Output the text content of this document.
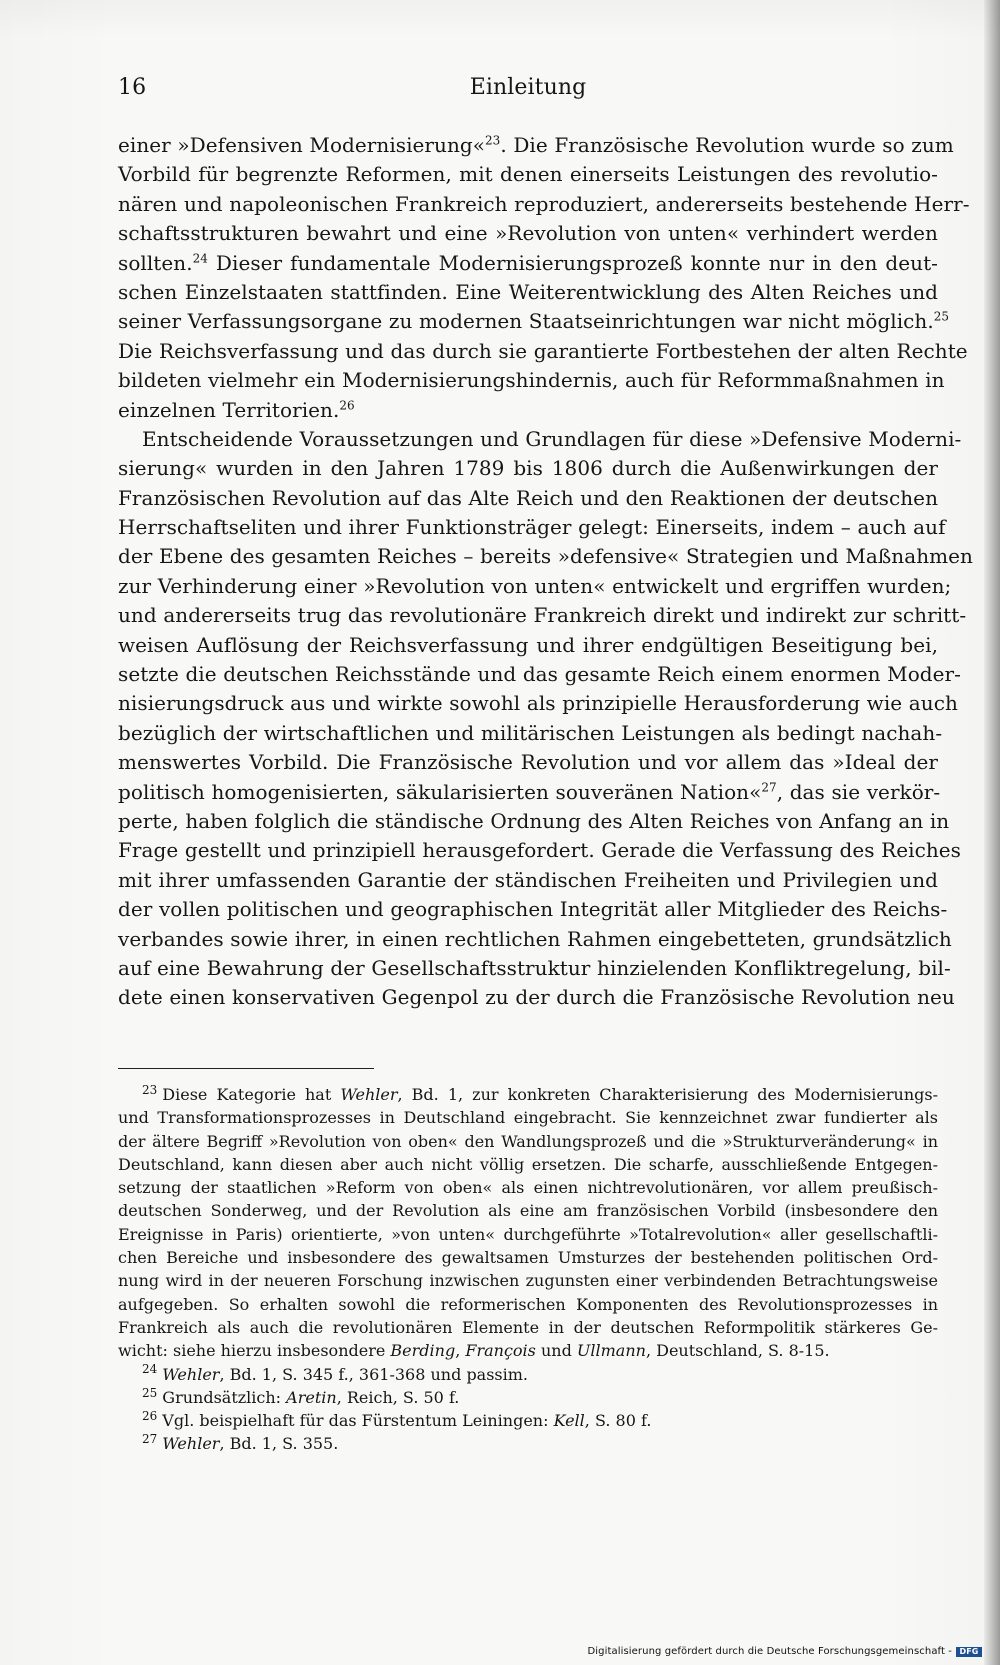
16	Einleitung
einer »Defensiven Modernisierung«$^{23}$. Die Französische Revolution wurde so zum
Vorbild für begrenzte Reformen, mit denen einerseits Leistungen des revolutio-
nären und napoleonischen Frankreich reproduziert, andererseits bestehende Herr-
schaftsstrukturen bewahrt und eine »Revolution von unten« verhindert werden
sollten.$^{24}$ Dieser fundamentale Modernisierungsprozeß konnte nur in den deut-
schen Einzelstaaten stattfinden. Eine Weiterentwicklung des Alten Reiches und
seiner Verfassungsorgane zu modernen Staatseinrichtungen war nicht möglich.$^{25}$
Die Reichsverfassung und das durch sie garantierte Fortbestehen der alten Rechte
bildeten vielmehr ein Modernisierungshindernis, auch für Reformmaßnahmen in
einzelnen Territorien.$^{26}$
Entscheidende Voraussetzungen und Grundlagen für diese »Defensive Moderni-
sierung« wurden in den Jahren 1789 bis 1806 durch die Außenwirkungen der
Französischen Revolution auf das Alte Reich und den Reaktionen der deutschen
Herrschaftseliten und ihrer Funktionsträger gelegt: Einerseits, indem – auch auf
der Ebene des gesamten Reiches – bereits »defensive« Strategien und Maßnahmen
zur Verhinderung einer »Revolution von unten« entwickelt und ergriffen wurden;
und andererseits trug das revolutionäre Frankreich direkt und indirekt zur schritt-
weisen Auflösung der Reichsverfassung und ihrer endgültigen Beseitigung bei,
setzte die deutschen Reichsstände und das gesamte Reich einem enormen Moder-
nisierungsdruck aus und wirkte sowohl als prinzipielle Herausforderung wie auch
bezüglich der wirtschaftlichen und militärischen Leistungen als bedingt nachah-
menswertes Vorbild. Die Französische Revolution und vor allem das »Ideal der
politisch homogenisierten, säkularisierten souveränen Nation«$^{27}$, das sie verkör-
perte, haben folglich die ständische Ordnung des Alten Reiches von Anfang an in
Frage gestellt und prinzipiell herausgefordert. Gerade die Verfassung des Reiches
mit ihrer umfassenden Garantie der ständischen Freiheiten und Privilegien und
der vollen politischen und geographischen Integrität aller Mitglieder des Reichs-
verbandes sowie ihrer, in einen rechtlichen Rahmen eingebetteten, grundsätzlich
auf eine Bewahrung der Gesellschaftsstruktur hinzielenden Konfliktregelung, bil-
dete einen konservativen Gegenpol zu der durch die Französische Revolution neu
$^{23}$ Diese Kategorie hat Wehler, Bd. 1, zur konkreten Charakterisierung des Modernisierungs-
und Transformationsprozesses in Deutschland eingebracht. Sie kennzeichnet zwar fundierter als
der ältere Begriff »Revolution von oben« den Wandlungsprozeß und die »Strukturveränderung« in
Deutschland, kann diesen aber auch nicht völlig ersetzen. Die scharfe, ausschließende Entgegen-
setzung der staatlichen »Reform von oben« als einen nichtrevolutionären, vor allem preußisch-
deutschen Sonderweg, und der Revolution als eine am französischen Vorbild (insbesondere den
Ereignisse in Paris) orientierte, »von unten« durchgeführte »Totalrevolution« aller gesellschaftli-
chen Bereiche und insbesondere des gewaltsamen Umsturzes der bestehenden politischen Ord-
nung wird in der neueren Forschung inzwischen zugunsten einer verbindenden Betrachtungsweise
aufgegeben. So erhalten sowohl die reformerischen Komponenten des Revolutionsprozesses in
Frankreich als auch die revolutionären Elemente in der deutschen Reformpolitik stärkeres Ge-
wicht: siehe hierzu insbesondere Berding, François und Ullmann, Deutschland, S. 8-15.
$^{24}$ Wehler, Bd. 1, S. 345 f., 361-368 und passim.
$^{25}$ Grundsätzlich: Aretin, Reich, S. 50 f.
$^{26}$ Vgl. beispielhaft für das Fürstentum Leiningen: Kell, S. 80 f.
$^{27}$ Wehler, Bd. 1, S. 355.
Digitalisierung gefördert durch die Deutsche Forschungsgemeinschaft - DFG
